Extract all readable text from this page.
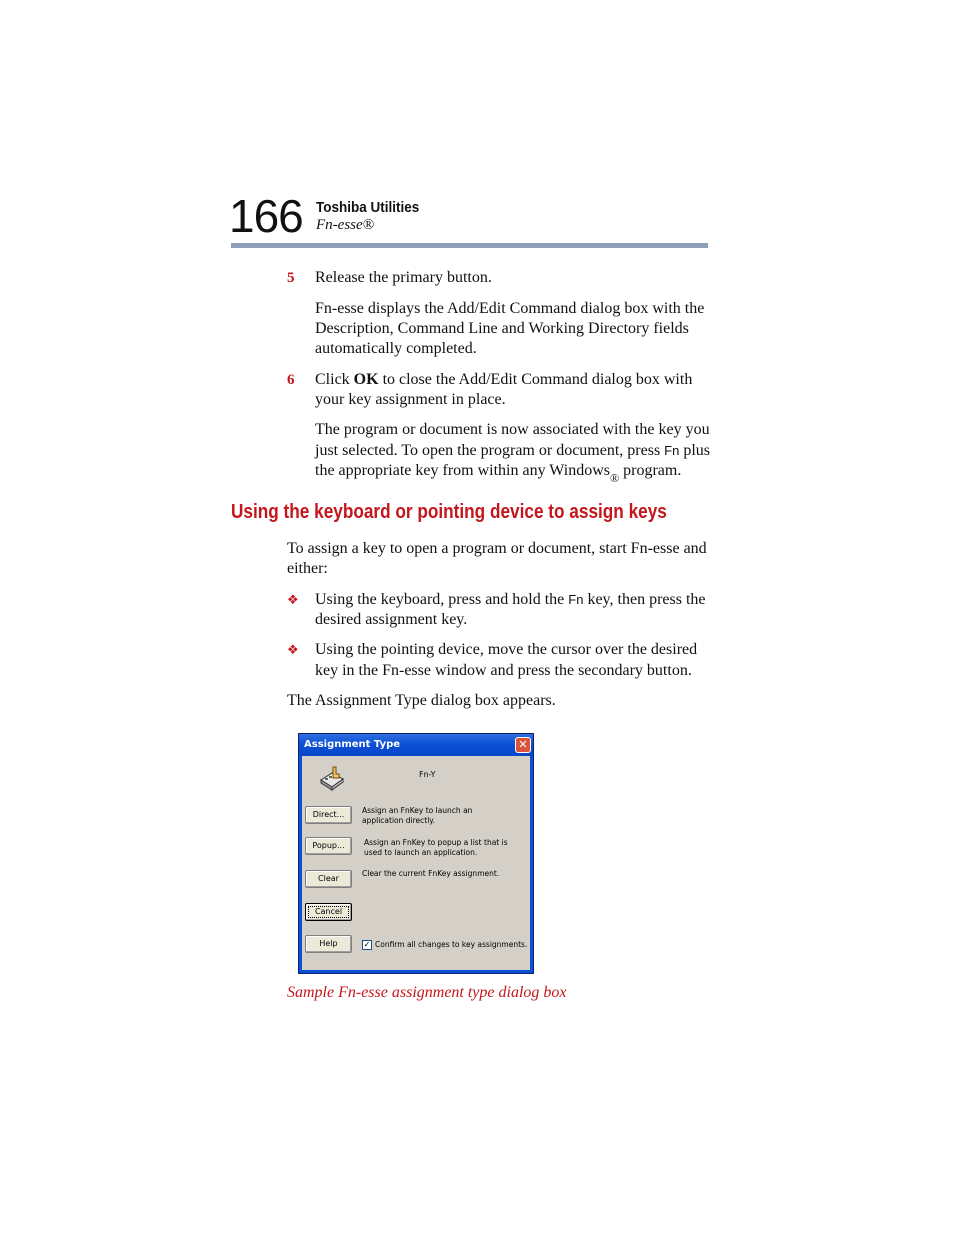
166 Toshiba Utilities
Fn-esse®
5 Release the primary button.
Fn-esse displays the Add/Edit Command dialog box with the
Description, Command Line and Working Directory fields
automatically completed.
6 Click OK to close the Add/Edit Command dialog box with
your key assignment in place.
The program or document is now associated with the key you
just selected. To open the program or document, press Fn plus
the appropriate key from within any Windows$_®$ program.
Using the keyboard or pointing device to assign keys
To assign a key to open a program or document, start Fn-esse and
either:
❖ Using the keyboard, press and hold the Fn key, then press the
desired assignment key.
❖ Using the pointing device, move the cursor over the desired
key in the Fn-esse window and press the secondary button.
The Assignment Type dialog box appears.
Assignment Type	✕
Fn-Y
Direct...	Assign an FnKey to launch an
application directly.
Popup...	Assign an FnKey to popup a list that is
used to launch an application.
Clear
Clear the current FnKey assignment.
Cancel
Help	✓ Confirm all changes to key assignments.
Sample Fn-esse assignment type dialog box
